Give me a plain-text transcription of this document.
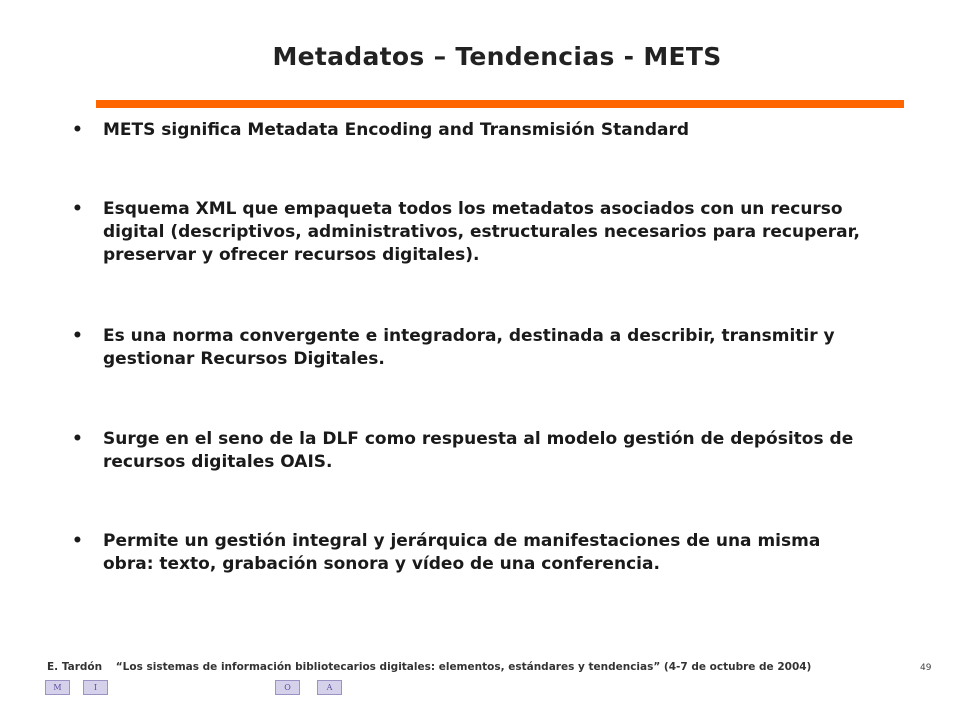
Metadatos – Tendencias - METS
•	METS significa Metadata Encoding and Transmisión Standard
•	Esquema XML que empaqueta todos los metadatos asociados con un recurso digital (descriptivos, administrativos, estructurales necesarios para recuperar, preservar y ofrecer recursos digitales).
•	Es una norma convergente e integradora, destinada a describir, transmitir y gestionar Recursos Digitales.
•	Surge en el seno de la DLF como respuesta al modelo gestión de depósitos de recursos digitales OAIS.
•	Permite un gestión integral y jerárquica de manifestaciones de una misma obra: texto, grabación sonora y vídeo de una conferencia.
E. Tardón “Los sistemas de información bibliotecarios digitales: elementos, estándares y tendencias” (4-7 de octubre de 2004)	49
M	I	O	A
